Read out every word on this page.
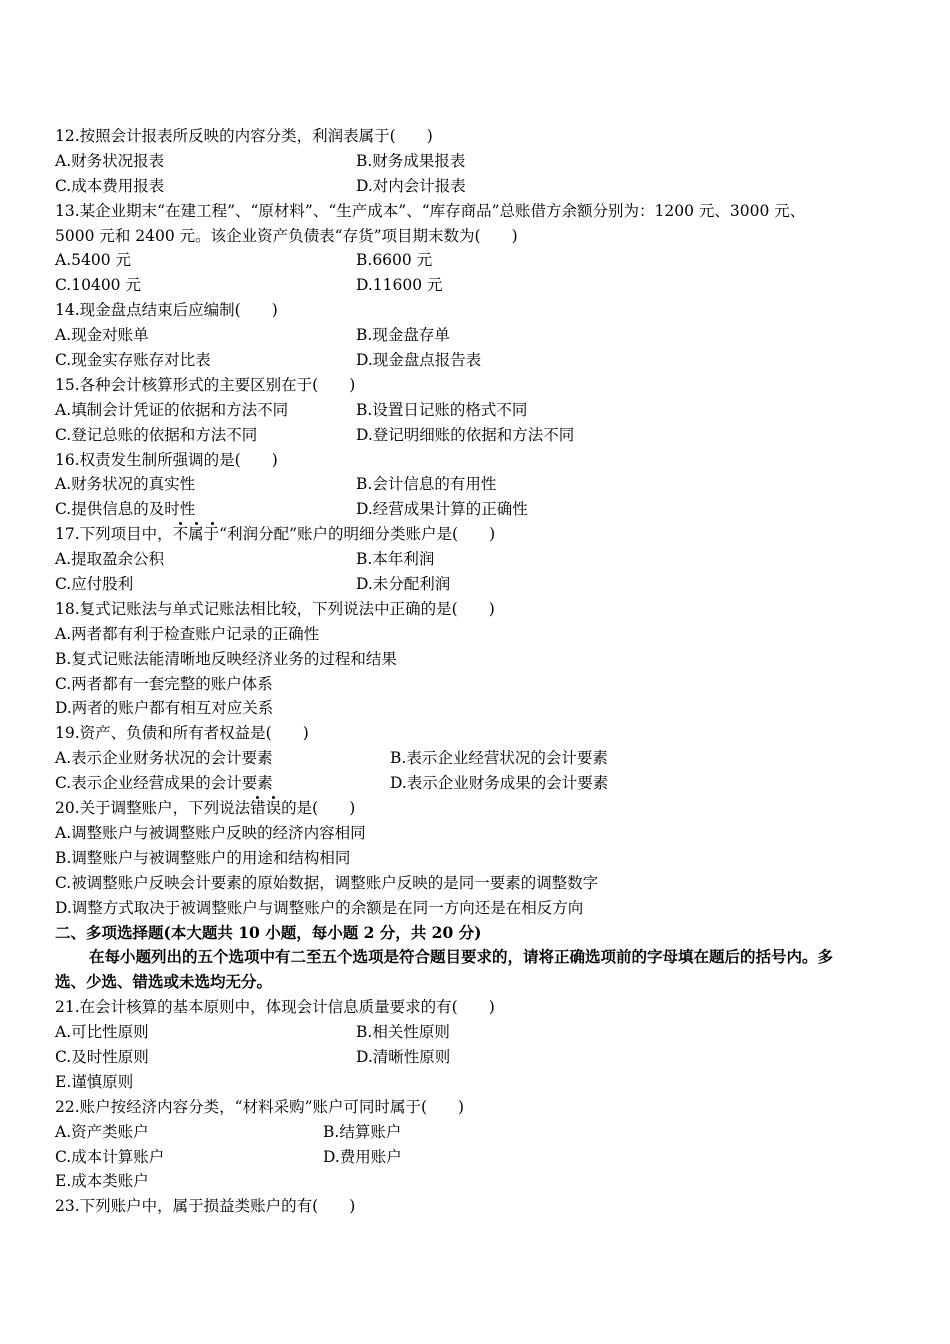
12.按照会计报表所反映的内容分类，利润表属于(　　)
A.财务状况报表	B.财务成果报表
C.成本费用报表	D.对内会计报表
13.某企业期末“在建工程”、“原材料”、“生产成本”、“库存商品”总账借方余额分别为：1200 元、3000 元、
5000 元和 2400 元。该企业资产负债表“存货”项目期末数为(　　)
A.5400 元	B.6600 元
C.10400 元	D.11600 元
14.现金盘点结束后应编制(　　)
A.现金对账单	B.现金盘存单
C.现金实存账存对比表	D.现金盘点报告表
15.各种会计核算形式的主要区别在于(　　)
A.填制会计凭证的依据和方法不同	B.设置日记账的格式不同
C.登记总账的依据和方法不同	D.登记明细账的依据和方法不同
16.权责发生制所强调的是(　　)
A.财务状况的真实性	B.会计信息的有用性
C.提供信息的及时性	D.经营成果计算的正确性
17.下列项目中，
不属于“利润分配”账户的明细分类账户是(　　)
A.提取盈余公积	B.本年利润
C.应付股利	D.未分配利润
18.复式记账法与单式记账法相比较，下列说法中正确的是(　　)
A.两者都有利于检查账户记录的正确性
B.复式记账法能清晰地反映经济业务的过程和结果
C.两者都有一套完整的账户体系
D.两者的账户都有相互对应关系
19.资产、负债和所有者权益是(　　)
A.表示企业财务状况的会计要素	B.表示企业经营状况的会计要素
C.表示企业经营成果的会计要素	D.表示企业财务成果的会计要素
20.关于调整账户，下列说法
错误的是(　　)
A.调整账户与被调整账户反映的经济内容相同
B.调整账户与被调整账户的用途和结构相同
C.被调整账户反映会计要素的原始数据，调整账户反映的是同一要素的调整数字
D.调整方式取决于被调整账户与调整账户的余额是在同一方向还是在相反方向
二、多项选择题(本大题共 10 小题，每小题 2 分，共 20 分)
在每小题列出的五个选项中有二至五个选项是符合题目要求的，请将正确选项前的字母填在题后的括号内。多
选、少选、错选或未选均无分。
21.在会计核算的基本原则中，体现会计信息质量要求的有(　　)
A.可比性原则	B.相关性原则
C.及时性原则	D.清晰性原则
E.谨慎原则
22.账户按经济内容分类，“材料采购”账户可同时属于(　　)
A.资产类账户	B.结算账户
C.成本计算账户	D.费用账户
E.成本类账户
23.下列账户中，属于损益类账户的有(　　)
